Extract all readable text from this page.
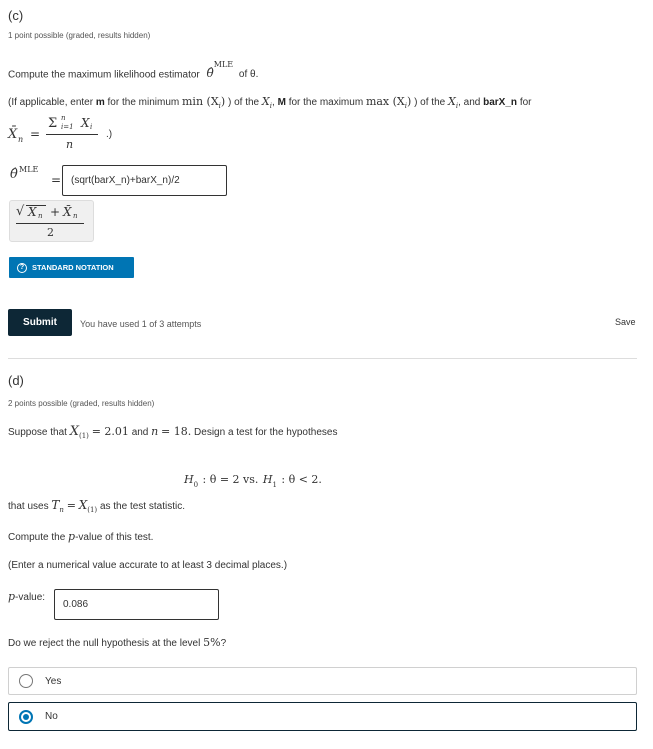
(c)
1 point possible (graded, results hidden)
Compute the maximum likelihood estimator θ̂$^{MLE}$ of θ.
(If applicable, enter m for the minimum $\min (X_i)$ ) of the $X_i$, M for the maximum $\max (X_i)$ ) of the $X_i$, and barX_n for
X̄ n =
Σ n
i=1 X i
n
.)
θ̂ MLE
= (sqrt(barX_n)+barX_n)/2
√ X̄ n + X̄ n
2
?	STANDARD NOTATION
Submit	You have used 1 of 3 attempts	Save
(d)
2 points possible (graded, results hidden)
Suppose that $X_{(1)} = 2.01$ and n = 18. Design a test for the hypotheses
$H_0$ : θ = 2 vs. $H_1$ : θ < 2.
that uses $T_n = X_{(1)}$ as the test statistic.
Compute the p-value of this test.
(Enter a numerical value accurate to at least 3 decimal places.)
p-value:
0.086
Do we reject the null hypothesis at the level 5%?
Yes
No
